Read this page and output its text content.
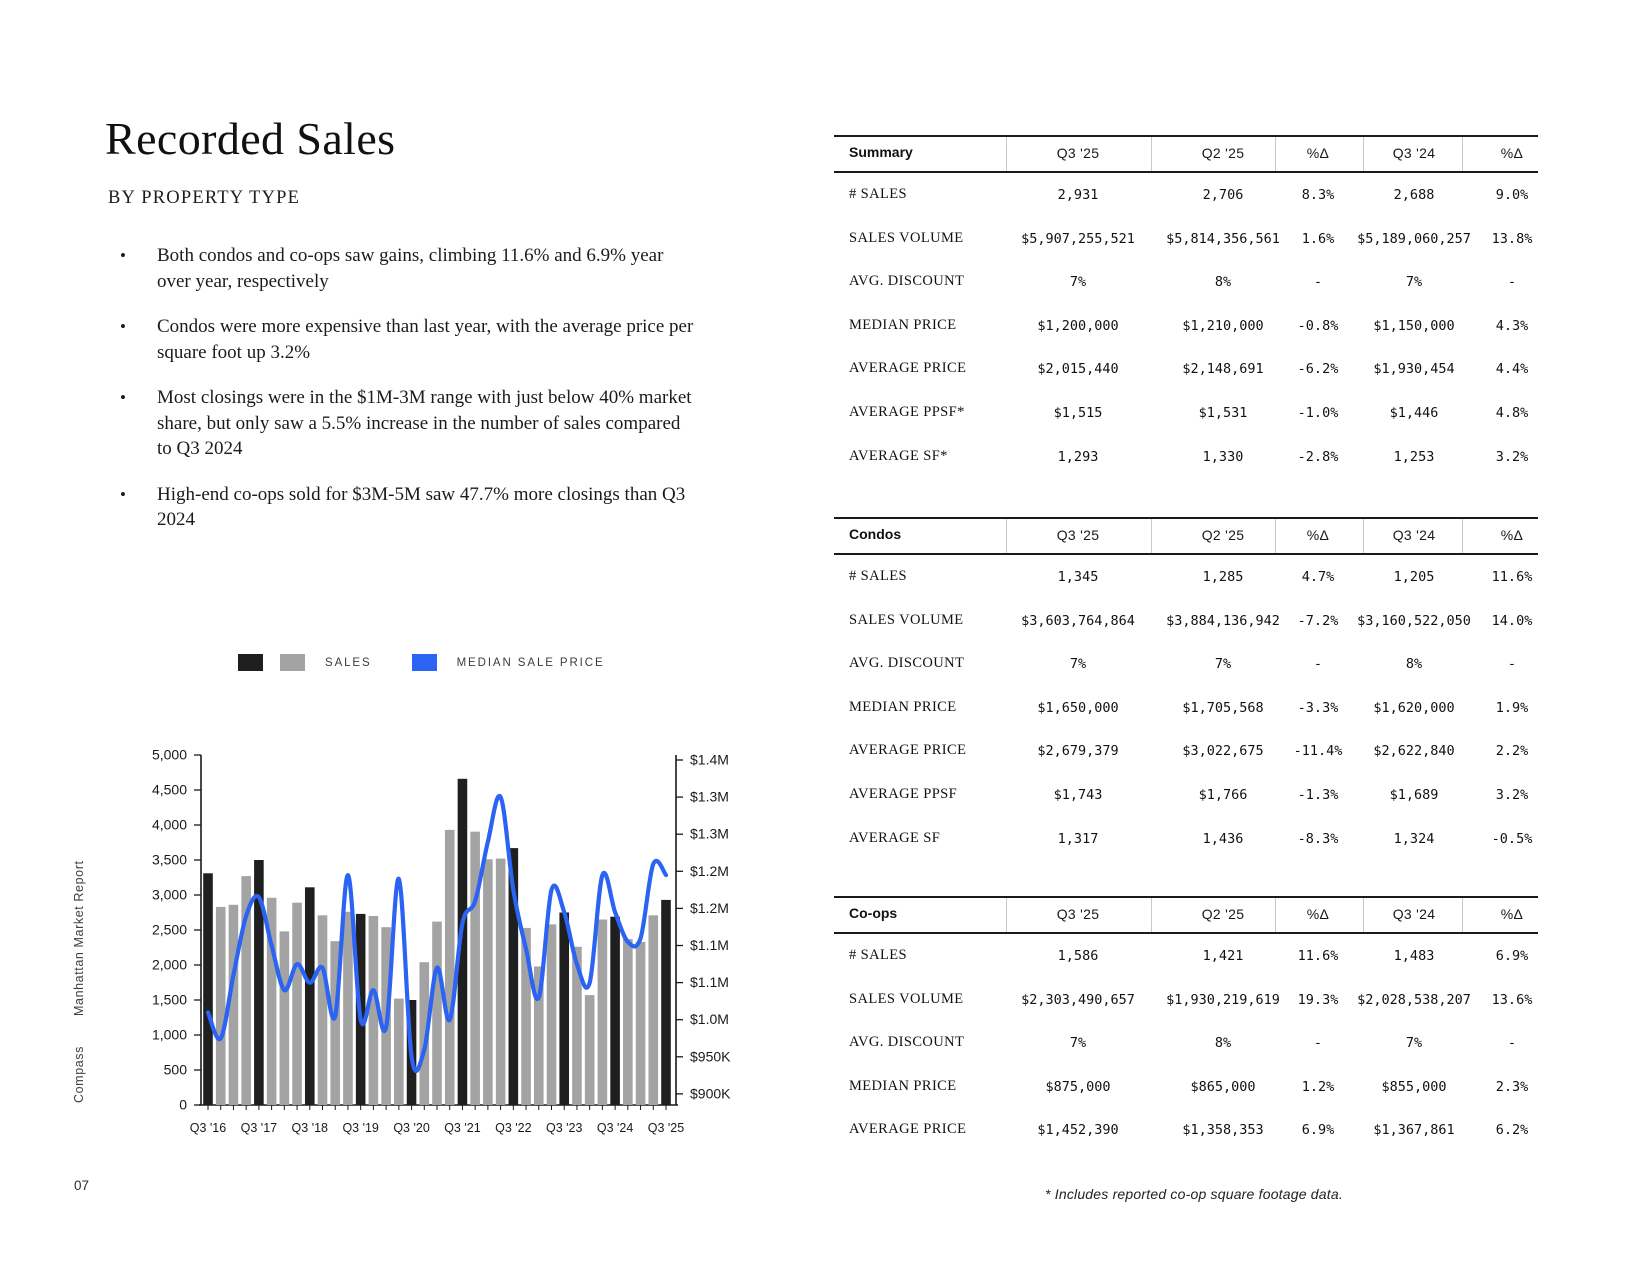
Manhattan Market Report
Compass
07
Recorded Sales
BY PROPERTY TYPE
•	Both condos and co-ops saw gains, climbing 11.6% and 6.9% year over year, respectively
•	Condos were more expensive than last year, with the average price per square foot up 3.2%
•	Most closings were in the $1M-3M range with just below 40% market share, but only saw a 5.5% increase in the number of sales compared to Q3 2024
•	High-end co-ops sold for $3M-5M saw 47.7% more closings than Q3 2024
SALES	MEDIAN SALE PRICE
5,000
4,500
4,000
3,500
3,000
2,500
2,000
1,500
1,000
500
0
$1.4M
$1.3M
$1.3M
$1.2M
$1.2M
$1.1M
$1.1M
$1.0M
$950K
$900K
Q3 '16 Q3 '17 Q3 '18 Q3 '19 Q3 '20 Q3 '21 Q3 '22 Q3 '23 Q3 '24 Q3 '25
Summary	Q3 '25	Q2 '25	%Δ	Q3 '24	%Δ
# SALES	2,931	2,706	8.3%	2,688	9.0%
SALES VOLUME	$5,907,255,521 $5,814,356,561 1.6% $5,189,060,257 13.8%
AVG. DISCOUNT	7%	8%	-	7%	-
MEDIAN PRICE	$1,200,000	$1,210,000	-0.8%	$1,150,000	4.3%
AVERAGE PRICE	$2,015,440	$2,148,691	-6.2%	$1,930,454	4.4%
AVERAGE PPSF*	$1,515	$1,531	-1.0%	$1,446	4.8%
AVERAGE SF*	1,293	1,330	-2.8%	1,253	3.2%
Condos	Q3 '25	Q2 '25	%Δ	Q3 '24	%Δ
# SALES	1,345	1,285	4.7%	1,205	11.6%
SALES VOLUME	$3,603,764,864 $3,884,136,942 -7.2% $3,160,522,050 14.0%
AVG. DISCOUNT	7%	7%	-	8%	-
MEDIAN PRICE	$1,650,000	$1,705,568	-3.3%	$1,620,000	1.9%
AVERAGE PRICE	$2,679,379	$3,022,675 -11.4% $2,622,840	2.2%
AVERAGE PPSF	$1,743	$1,766	-1.3%	$1,689	3.2%
AVERAGE SF	1,317	1,436	-8.3%	1,324	-0.5%
Co-ops	Q3 '25	Q2 '25	%Δ	Q3 '24	%Δ
# SALES	1,586	1,421	11.6%	1,483	6.9%
SALES VOLUME	$2,303,490,657 $1,930,219,619 19.3% $2,028,538,207 13.6%
AVG. DISCOUNT	7%	8%	-	7%	-
MEDIAN PRICE	$875,000	$865,000	1.2%	$855,000	2.3%
AVERAGE PRICE	$1,452,390	$1,358,353	6.9%	$1,367,861	6.2%
* Includes reported co-op square footage data.
